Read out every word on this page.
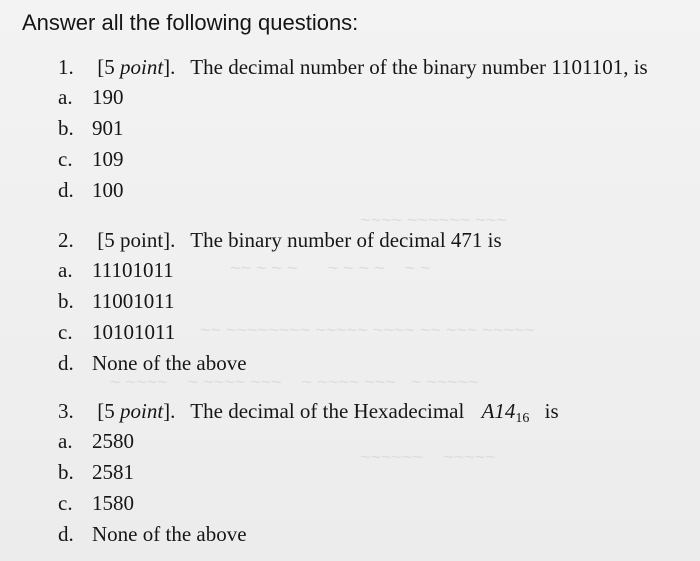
~~~~ ~~~~~~ ~~~
~~ ~ ~ ~      ~ ~ ~ ~    ~ ~
~~ ~~~~~~~~ ~~~~~ ~~~~ ~~ ~~~ ~~~~~
~ ~~~~    ~ ~~~~ ~~~    ~ ~~~~ ~~~   ~ ~~~~~
~~~~~~    ~~~~~
Answer all the following questions:
1. [5 point]. The decimal number of the binary number 1101101, is
a. 190
b. 901
c. 109
d. 100
2. [5 point]. The binary number of decimal 471 is
a. 11101011
b. 11001011
c. 10101011
d. None of the above
3. [5 point]. The decimal of the Hexadecimal $A14_{16}$ is
a. 2580
b. 2581
c. 1580
d. None of the above
